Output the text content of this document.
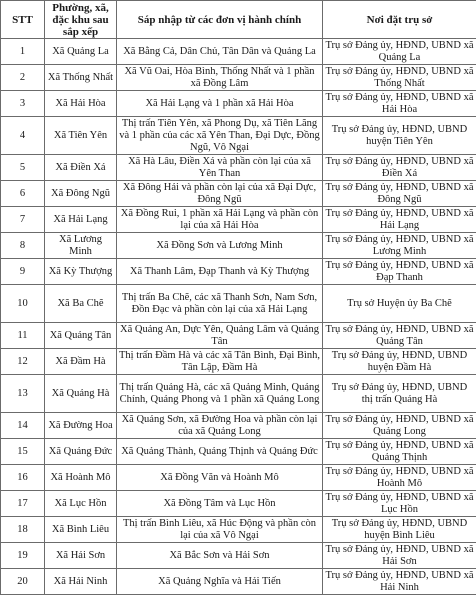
STT	Phường, xã, đặc khu sau sắp xếp	Sáp nhập từ các đơn vị hành chính	Nơi đặt trụ sở
1	Xã Quảng La	Xã Bằng Cả, Dân Chủ, Tân Dân và Quảng La	Trụ sở Đảng ủy, HĐND, UBND xã Quảng La
2	Xã Thống Nhất	Xã Vũ Oai, Hòa Bình, Thống Nhất và 1 phần xã Đồng Lâm	Trụ sở Đảng ủy, HĐND, UBND xã Thống Nhất
3	Xã Hải Hòa	Xã Hải Lạng và 1 phần xã Hải Hòa	Trụ sở Đảng ủy, HĐND, UBND xã Hải Hòa
4	Xã Tiên Yên	Thị trấn Tiên Yên, xã Phong Dụ, xã Tiên Lãng và 1 phần của các xã Yên Than, Đại Dực, Đồng Ngũ, Vô Ngại	Trụ sở Đảng ủy, HĐND, UBND huyện Tiên Yên
5	Xã Điền Xá	Xã Hà Lâu, Điền Xá và phần còn lại của xã Yên Than	Trụ sở Đảng ủy, HĐND, UBND xã Điền Xá
6	Xã Đông Ngũ	Xã Đông Hải và phần còn lại của xã Đại Dực, Đông Ngũ	Trụ sở Đảng ủy, HĐND, UBND xã Đông Ngũ
7	Xã Hải Lạng	Xã Đồng Rui, 1 phần xã Hải Lạng và phần còn lại của xã Hải Hòa	Trụ sở Đảng ủy, HĐND, UBND xã Hải Lạng
8	Xã Lương Minh	Xã Đồng Sơn và Lương Minh	Trụ sở Đảng ủy, HĐND, UBND xã Lương Minh
9	Xã Kỳ Thượng	Xã Thanh Lâm, Đạp Thanh và Kỳ Thượng	Trụ sở Đảng ủy, HĐND, UBND xã Đạp Thanh
10	Xã Ba Chẽ	Thị trấn Ba Chẽ, các xã Thanh Sơn, Nam Sơn, Đồn Đạc và phần còn lại của xã Hải Lạng	Trụ sở Huyện ủy Ba Chẽ
11	Xã Quảng Tân	Xã Quảng An, Dực Yên, Quảng Lâm và Quảng Tân	Trụ sở Đảng ủy, HĐND, UBND xã Quảng Tân
12	Xã Đầm Hà	Thị trấn Đầm Hà và các xã Tân Bình, Đại Bình, Tân Lập, Đầm Hà	Trụ sở Đảng ủy, HĐND, UBND huyện Đầm Hà
13	Xã Quảng Hà	Thị trấn Quảng Hà, các xã Quảng Minh, Quảng Chính, Quảng Phong và 1 phần xã Quảng Long	Trụ sở Đảng ủy, HĐND, UBND thị trấn Quảng Hà
14	Xã Đường Hoa	Xã Quảng Sơn, xã Đường Hoa và phần còn lại của xã Quảng Long	Trụ sở Đảng ủy, HĐND, UBND xã Quảng Long
15	Xã Quảng Đức	Xã Quảng Thành, Quảng Thịnh và Quảng Đức	Trụ sở Đảng ủy, HĐND, UBND xã Quảng Thịnh
16	Xã Hoành Mô	Xã Đồng Văn và Hoành Mô	Trụ sở Đảng ủy, HĐND, UBND xã Hoành Mô
17	Xã Lục Hồn	Xã Đồng Tâm và Lục Hồn	Trụ sở Đảng ủy, HĐND, UBND xã Lục Hồn
18	Xã Bình Liêu	Thị trấn Bình Liêu, xã Húc Động và phần còn lại của xã Vô Ngại	Trụ sở Đảng ủy, HĐND, UBND huyện Bình Liêu
19	Xã Hải Sơn	Xã Bắc Sơn và Hải Sơn	Trụ sở Đảng ủy, HĐND, UBND xã Hải Sơn
20	Xã Hải Ninh	Xã Quảng Nghĩa và Hải Tiến	Trụ sở Đảng ủy, HĐND, UBND xã Hải Ninh
